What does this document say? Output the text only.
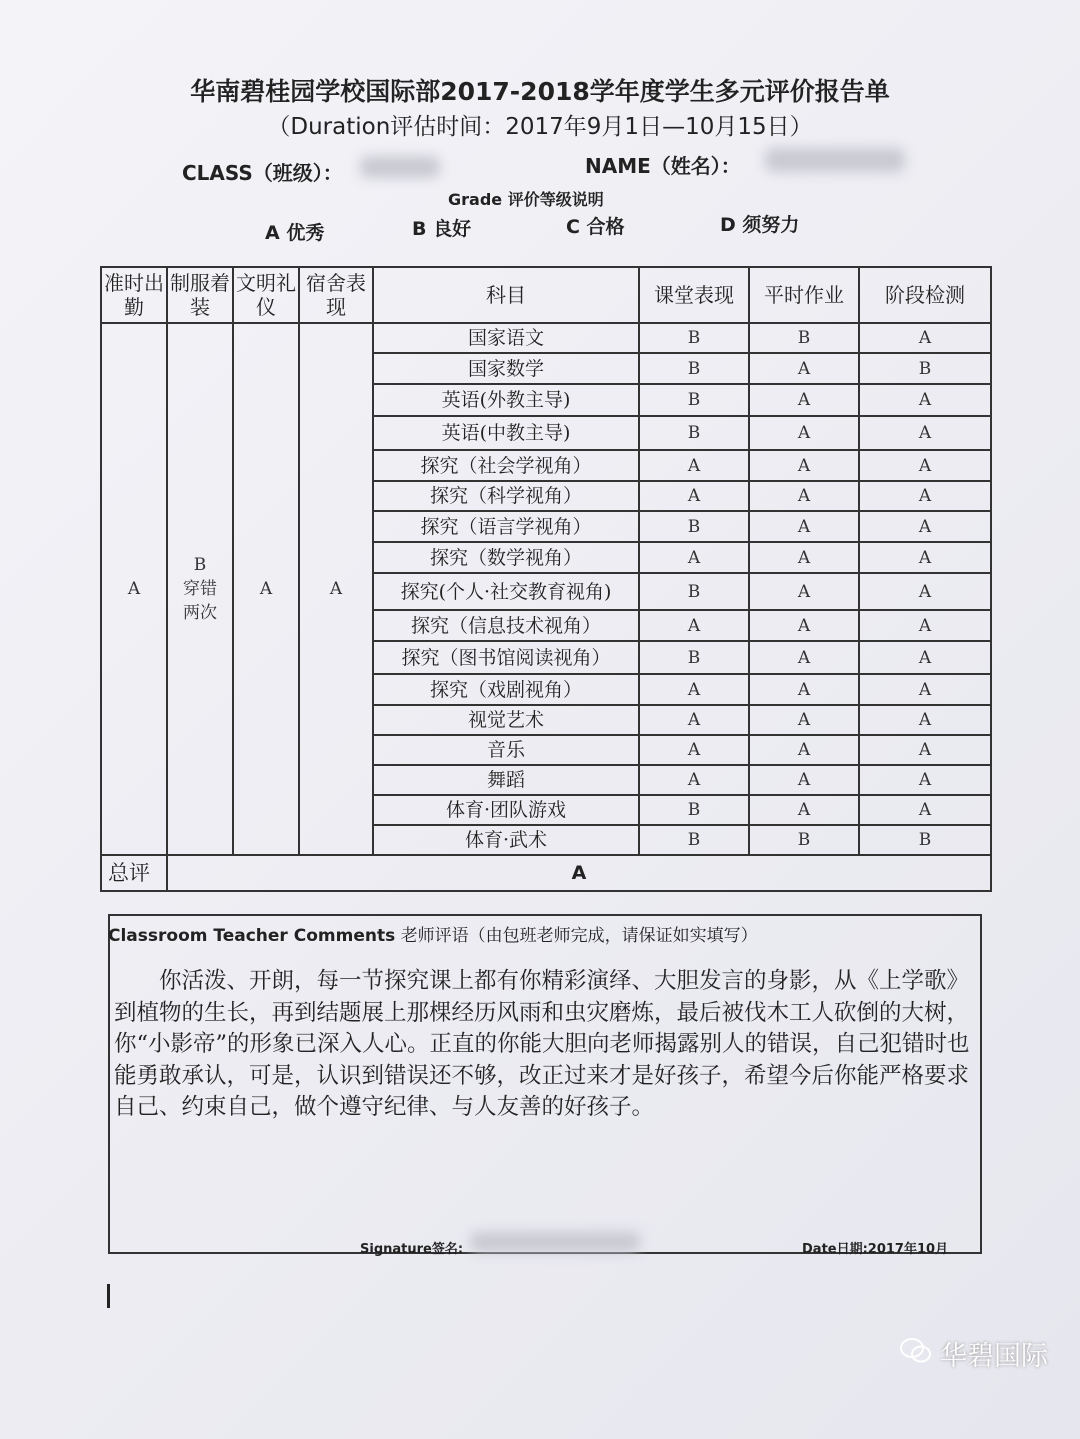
华南碧桂园学校国际部2017-2018学年度学生多元评价报告单
（Duration评估时间：2017年9月1日—10月15日）
CLASS（班级）：	NAME（姓名）：
Grade 评价等级说明
A 优秀	B 良好	C 合格	D 须努力
准时出勤	制服着装	文明礼仪	宿舍表现	科目	课堂表现	平时作业	阶段检测
A	B
穿错
两次	A	A	国家语文	B	B	A
				国家数学	B	A	B
				英语(外教主导)	B	A	A
				英语(中教主导)	B	A	A
				探究（社会学视角）	A	A	A
				探究（科学视角）	A	A	A
				探究（语言学视角）	B	A	A
				探究（数学视角）	A	A	A
				探究(个人·社交教育视角)	B	A	A
				探究（信息技术视角）	A	A	A
				探究（图书馆阅读视角）	B	A	A
				探究（戏剧视角）	A	A	A
				视觉艺术	A	A	A
				音乐	A	A	A
				舞蹈	A	A	A
				体育·团队游戏	B	A	A
				体育·武术	B	B	B
总评	A						
Classroom Teacher Comments 老师评语（由包班老师完成，请保证如实填写）
你活泼、开朗，每一节探究课上都有你精彩演绎、大胆发言的身影，从《上学歌》到植物的生长，再到结题展上那棵经历风雨和虫灾磨炼，最后被伐木工人砍倒的大树，你“小影帝”的形象已深入人心。正直的你能大胆向老师揭露别人的错误，自己犯错时也能勇敢承认，可是，认识到错误还不够，改正过来才是好孩子，希望今后你能严格要求自己、约束自己，做个遵守纪律、与人友善的好孩子。
Signature签名:	Date日期:2017年10月
华碧国际
